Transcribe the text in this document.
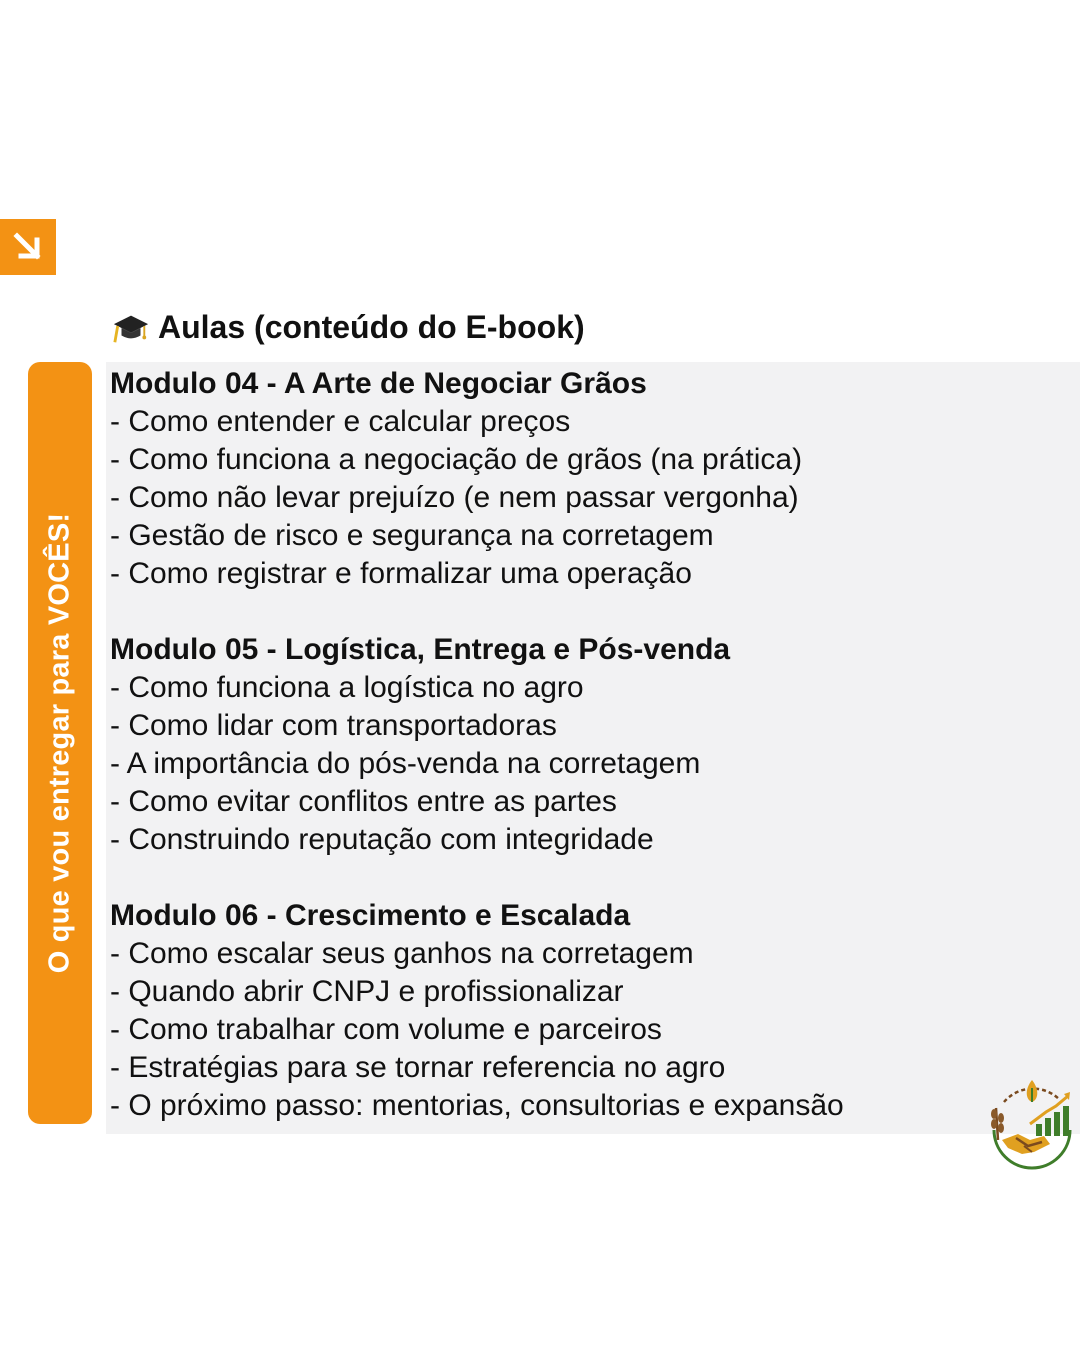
Aulas (conteúdo do E-book)
O que vou entregar para VOCÊS!
Modulo 04 - A Arte de Negociar Grãos
- Como entender e calcular preços
- Como funciona a negociação de grãos (na prática)
- Como não levar prejuízo (e nem passar vergonha)
- Gestão de risco e segurança na corretagem
- Como registrar e formalizar uma operação
Modulo 05 - Logística, Entrega e Pós-venda
- Como funciona a logística no agro
- Como lidar com transportadoras
- A importância do pós-venda na corretagem
- Como evitar conflitos entre as partes
- Construindo reputação com integridade
Modulo 06 - Crescimento e Escalada
- Como escalar seus ganhos na corretagem
- Quando abrir CNPJ e profissionalizar
- Como trabalhar com volume e parceiros
- Estratégias para se tornar referencia no agro
- O próximo passo: mentorias, consultorias e expansão
